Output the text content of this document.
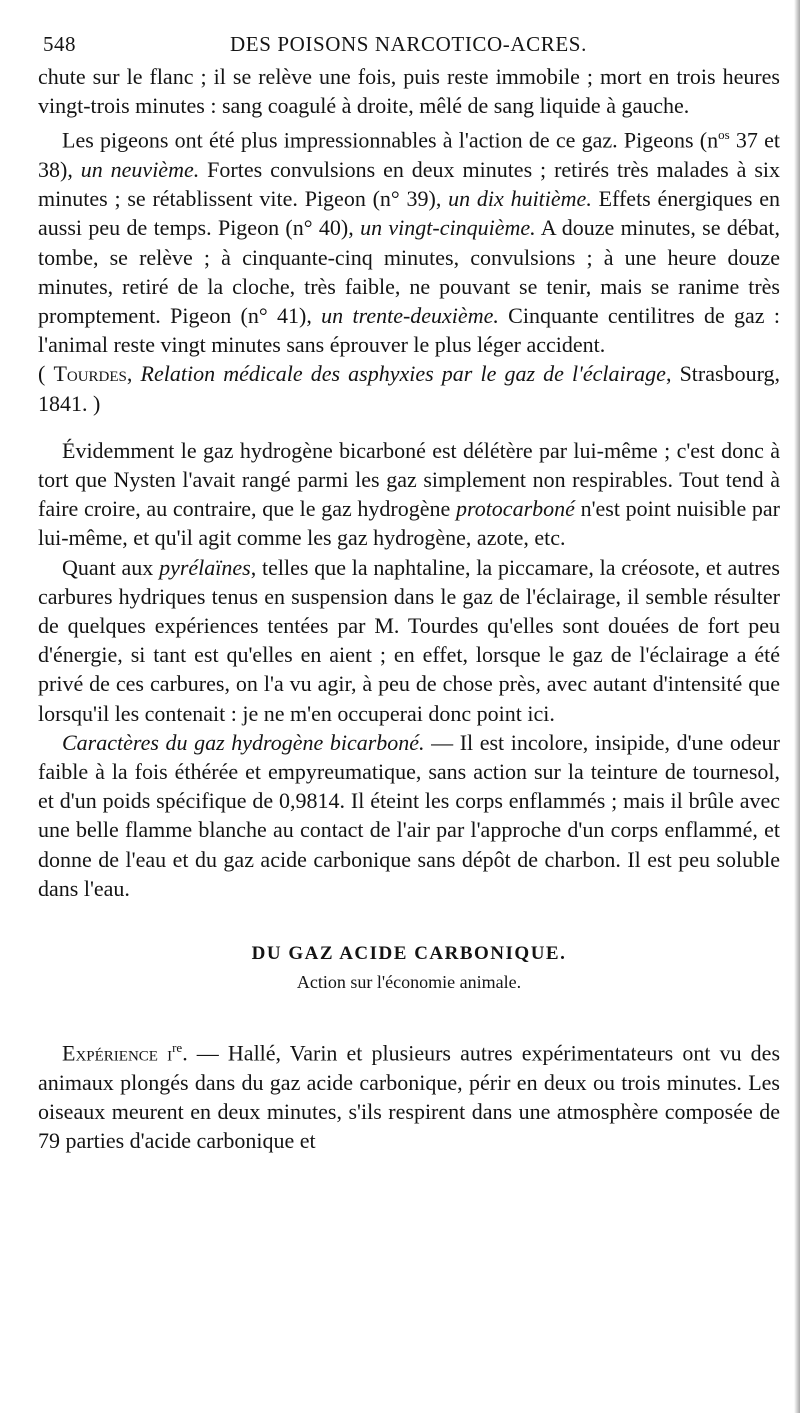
548	DES POISONS NARCOTICO-ACRES.

chute sur le flanc ; il se relève une fois, puis reste immobile ; mort en trois heures vingt-trois minutes : sang coagulé à droite, mêlé de sang liquide à gauche.

Les pigeons ont été plus impressionnables à l'action de ce gaz. Pigeons ($n^{os}$ 37 et 38), un neuvième. Fortes convulsions en deux minutes ; retirés très malades à six minutes ; se rétablissent vite. Pigeon (n° 39), un dix huitième. Effets énergiques en aussi peu de temps. Pigeon (n° 40), un vingt-cinquième. A douze minutes, se débat, tombe, se relève ; à cinquante-cinq minutes, convulsions ; à une heure douze minutes, retiré de la cloche, très faible, ne pouvant se tenir, mais se ranime très promptement. Pigeon (n° 41), un trente-deuxième. Cinquante centilitres de gaz : l'animal reste vingt minutes sans éprouver le plus léger accident.

( Tourdes, Relation médicale des asphyxies par le gaz de l'éclairage, Strasbourg, 1841. )

Évidemment le gaz hydrogène bicarboné est délétère par lui-même ; c'est donc à tort que Nysten l'avait rangé parmi les gaz simplement non respirables. Tout tend à faire croire, au contraire, que le gaz hydrogène protocarboné n'est point nuisible par lui-même, et qu'il agit comme les gaz hydrogène, azote, etc.

Quant aux pyrélaïnes, telles que la naphtaline, la piccamare, la créosote, et autres carbures hydriques tenus en suspension dans le gaz de l'éclairage, il semble résulter de quelques expériences tentées par M. Tourdes qu'elles sont douées de fort peu d'énergie, si tant est qu'elles en aient ; en effet, lorsque le gaz de l'éclairage a été privé de ces carbures, on l'a vu agir, à peu de chose près, avec autant d'intensité que lorsqu'il les contenait : je ne m'en occuperai donc point ici.

Caractères du gaz hydrogène bicarboné. — Il est incolore, insipide, d'une odeur faible à la fois éthérée et empyreumatique, sans action sur la teinture de tournesol, et d'un poids spécifique de 0,9814. Il éteint les corps enflammés ; mais il brûle avec une belle flamme blanche au contact de l'air par l'approche d'un corps enflammé, et donne de l'eau et du gaz acide carbonique sans dépôt de charbon. Il est peu soluble dans l'eau.

DU GAZ ACIDE CARBONIQUE.

Action sur l'économie animale.

Expérience $i^{re}$. — Hallé, Varin et plusieurs autres expérimentateurs ont vu des animaux plongés dans du gaz acide carbonique, périr en deux ou trois minutes. Les oiseaux meurent en deux minutes, s'ils respirent dans une atmosphère composée de 79 parties d'acide carbonique et
